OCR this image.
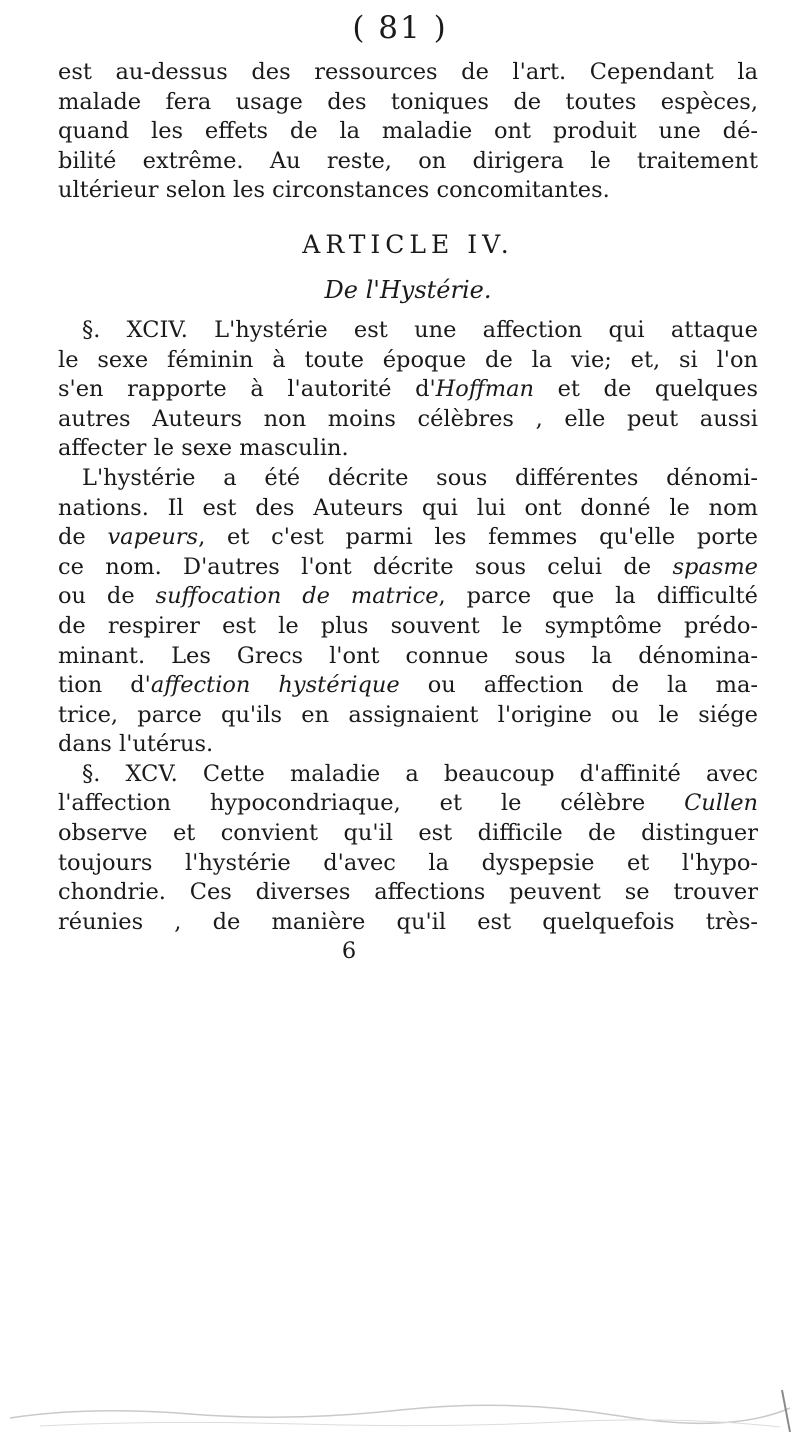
( 81 )
est au-dessus des ressources de l'art. Cependant la
malade fera usage des toniques de toutes espèces,
quand les effets de la maladie ont produit une dé-
bilité extrême. Au reste, on dirigera le traitement
ultérieur selon les circonstances concomitantes.
ARTICLE IV.
De l'Hystérie.
§. XCIV. L'hystérie est une affection qui attaque
le sexe féminin à toute époque de la vie; et, si l'on
s'en rapporte à l'autorité d'Hoffman et de quelques
autres Auteurs non moins célèbres , elle peut aussi
affecter le sexe masculin.
L'hystérie a été décrite sous différentes dénomi-
nations. Il est des Auteurs qui lui ont donné le nom
de vapeurs, et c'est parmi les femmes qu'elle porte
ce nom. D'autres l'ont décrite sous celui de spasme
ou de suffocation de matrice, parce que la difficulté
de respirer est le plus souvent le symptôme prédo-
minant. Les Grecs l'ont connue sous la dénomina-
tion d'affection hystérique ou affection de la ma-
trice, parce qu'ils en assignaient l'origine ou le siége
dans l'utérus.
§. XCV. Cette maladie a beaucoup d'affinité avec
l'affection hypocondriaque, et le célèbre Cullen
observe et convient qu'il est difficile de distinguer
toujours l'hystérie d'avec la dyspepsie et l'hypo-
chondrie. Ces diverses affections peuvent se trouver
réunies , de manière qu'il est quelquefois très-
6
